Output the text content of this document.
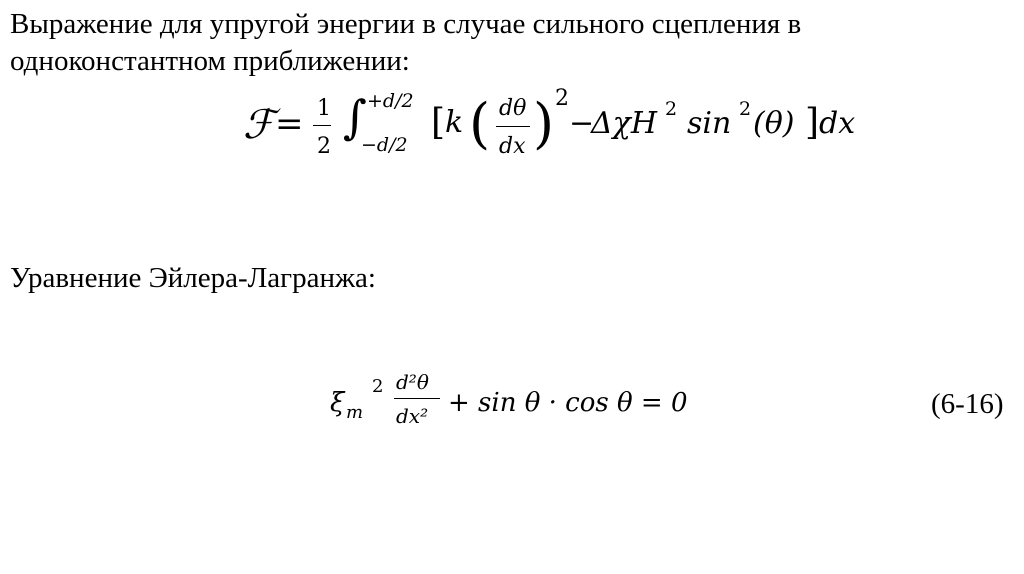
Выражение для упругой энергии в случае сильного сцепления в одноконстантном приближении:

ℱ = 1
2
∫ +d/2
−d/2
[ k ( dθ
dx ) 2
−
ΔχH 2 sin 2 (θ) ] dx

Уравнение Эйлера-Лагранжа:

ξ m
2 d²θ
dx² + sin θ · cos θ = 0	(6-16)
